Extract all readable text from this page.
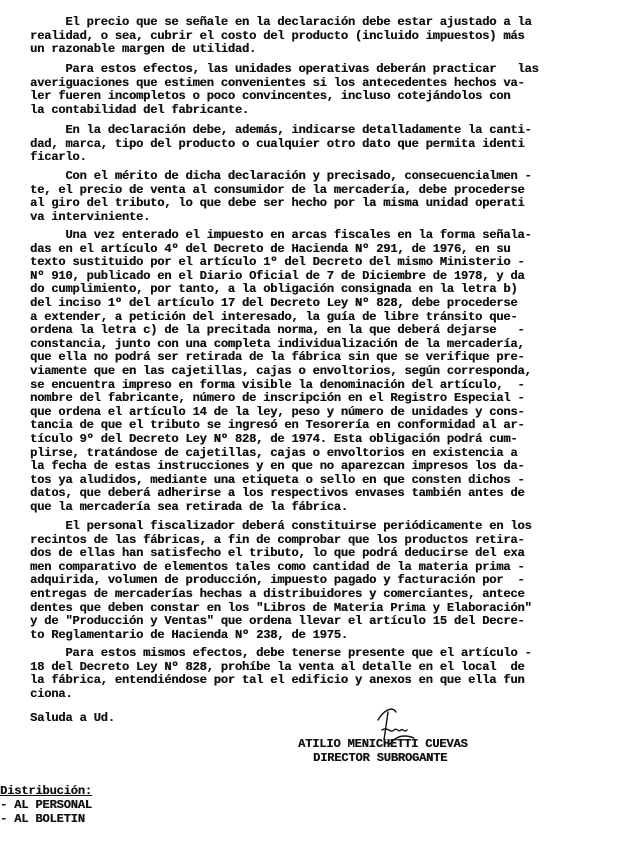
El precio que se señale en la declaración debe estar ajustado a la
realidad, o sea, cubrir el costo del producto (incluido impuestos) más
un razonable margen de utilidad.
Para estos efectos, las unidades operativas deberán practicar   las
averiguaciones que estimen convenientes si los antecedentes hechos va-
ler fueren incompletos o poco convincentes, incluso cotejándolos con
la contabilidad del fabricante.
En la declaración debe, además, indicarse detalladamente la canti-
dad, marca, tipo del producto o cualquier otro dato que permita identi
ficarlo.
Con el mérito de dicha declaración y precisado, consecuencialmen -
te, el precio de venta al consumidor de la mercadería, debe procederse
al giro del tributo, lo que debe ser hecho por la misma unidad operati
va interviniente.
Una vez enterado el impuesto en arcas fiscales en la forma señala-
das en el artículo 4º del Decreto de Hacienda Nº 291, de 1976, en su
texto sustituido por el artículo 1º del Decreto del mismo Ministerio -
Nº 910, publicado en el Diario Oficial de 7 de Diciembre de 1978, y da
do cumplimiento, por tanto, a la obligación consignada en la letra b)
del inciso 1º del artículo 17 del Decreto Ley Nº 828, debe procederse
a extender, a petición del interesado, la guía de libre tránsito que-
ordena la letra c) de la precitada norma, en la que deberá dejarse   -
constancia, junto con una completa individualización de la mercadería,
que ella no podrá ser retirada de la fábrica sin que se verifique pre-
viamente que en las cajetillas, cajas o envoltorios, según corresponda,
se encuentra impreso en forma visible la denominación del artículo,  -
nombre del fabricante, número de inscripción en el Registro Especial -
que ordena el artículo 14 de la ley, peso y número de unidades y cons-
tancia de que el tributo se ingresó en Tesorería en conformidad al ar-
tículo 9º del Decreto Ley Nº 828, de 1974. Esta obligación podrá cum-
plirse, tratándose de cajetillas, cajas o envoltorios en existencia a
la fecha de estas instrucciones y en que no aparezcan impresos los da-
tos ya aludidos, mediante una etiqueta o sello en que consten dichos -
datos, que deberá adherirse a los respectivos envases también antes de
que la mercadería sea retirada de la fábrica.
El personal fiscalizador deberá constituirse periódicamente en los
recintos de las fábricas, a fin de comprobar que los productos retira-
dos de ellas han satisfecho el tributo, lo que podrá deducirse del exa
men comparativo de elementos tales como cantidad de la materia prima -
adquirida, volumen de producción, impuesto pagado y facturación por  -
entregas de mercaderías hechas a distribuidores y comerciantes, antece
dentes que deben constar en los "Libros de Materia Prima y Elaboración"
y de "Producción y Ventas" que ordena llevar el artículo 15 del Decre-
to Reglamentario de Hacienda Nº 238, de 1975.
Para estos mismos efectos, debe tenerse presente que el artículo -
18 del Decreto Ley Nº 828, prohíbe la venta al detalle en el local  de
la fábrica, entendiéndose por tal el edificio y anexos en que ella fun
ciona.
Saluda a Ud.
ATILIO MENICHETTI CUEVAS
DIRECTOR SUBROGANTE
Distribución:
- AL PERSONAL
- AL BOLETIN
